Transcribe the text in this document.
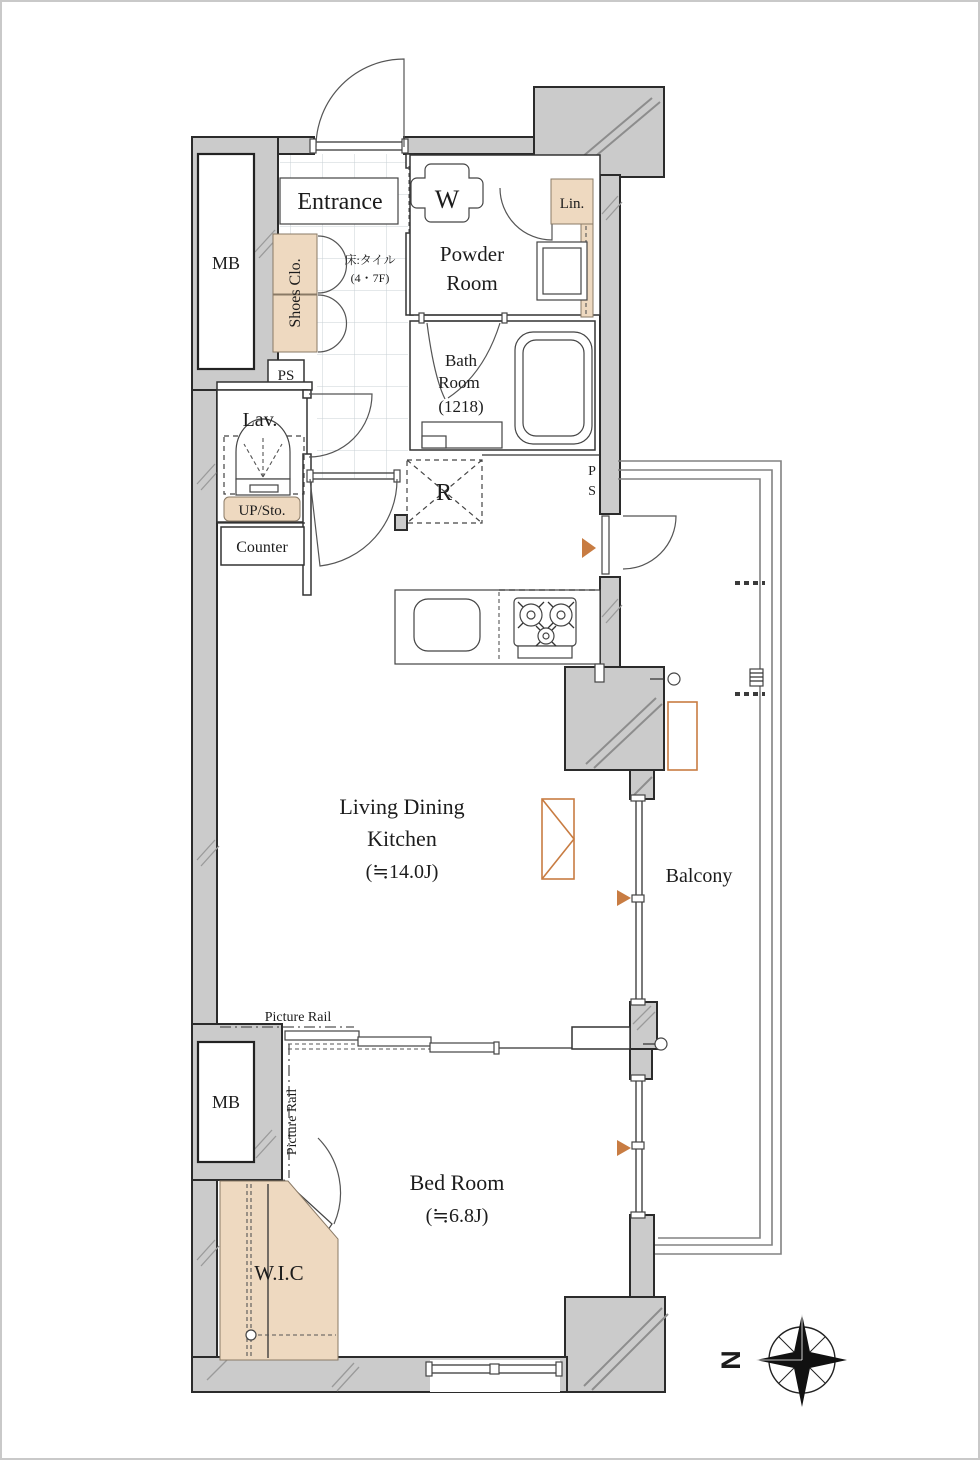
N
Entrance
床:タイル
(4・7F)
MB
MB
Shoes Clo.
PS
W	Lin.
Powder
Room
Bath
Room
(1218)
Lav.
UP/Sto.
Counter
R
P
S
Living Dining
Kitchen
(≒14.0J)	Balcony
Picture Rail
Picture Rail
Bed Room
(≒6.8J)
W.I.C
